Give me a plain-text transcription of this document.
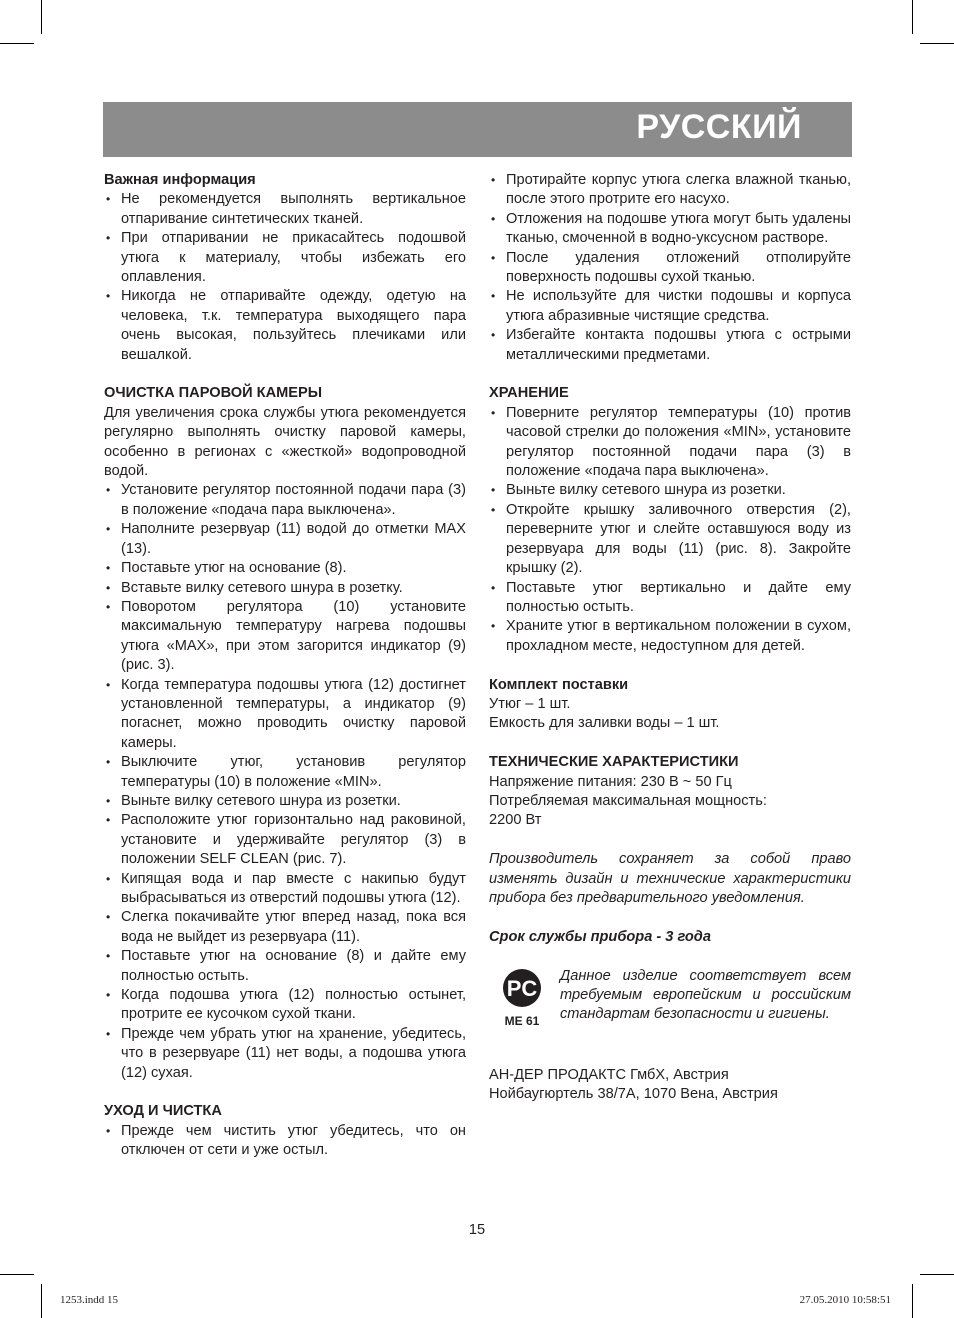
РУССКИЙ

Важная информация

• Не рекомендуется выполнять вертикальное отпаривание синтетических тканей.
• При отпаривании не прикасайтесь подошвой утюга к материалу, чтобы избежать его оплавления.
• Никогда не отпаривайте одежду, одетую на человека, т.к. температура выходящего пара очень высокая, пользуйтесь плечиками или вешалкой.

ОЧИСТКА ПАРОВОЙ КАМЕРЫ

Для увеличения срока службы утюга рекомендуется регулярно выполнять очистку паровой камеры, особенно в регионах с «жесткой» водопроводной водой.

• Установите регулятор постоянной подачи пара (3) в положение «подача пара выключена».
• Наполните резервуар (11) водой до отметки MAX (13).
• Поставьте утюг на основание (8).
• Вставьте вилку сетевого шнура в розетку.
• Поворотом регулятора (10) установите максимальную температуру нагрева подошвы утюга «MAX», при этом загорится индикатор (9) (рис. 3).
• Когда температура подошвы утюга (12) достигнет установленной температуры, а индикатор (9) погаснет, можно проводить очистку паровой камеры.
• Выключите утюг, установив регулятор температуры (10) в положение «MIN».
• Выньте вилку сетевого шнура из розетки.
• Расположите утюг горизонтально над раковиной, установите и удерживайте регулятор (3) в положении SELF CLEAN (рис. 7).
• Кипящая вода и пар вместе с накипью будут выбрасываться из отверстий подошвы утюга (12).
• Слегка покачивайте утюг вперед назад, пока вся вода не выйдет из резервуара (11).
• Поставьте утюг на основание (8) и дайте ему полностью остыть.
• Когда подошва утюга (12) полностью остынет, протрите ее кусочком сухой ткани.
• Прежде чем убрать утюг на хранение, убедитесь, что в резервуаре (11) нет воды, а подошва утюга (12) сухая.

УХОД И ЧИСТКА

• Прежде чем чистить утюг убедитесь, что он отключен от сети и уже остыл.
• Протирайте корпус утюга слегка влажной тканью, после этого протрите его насухо.
• Отложения на подошве утюга могут быть удалены тканью, смоченной в водно-уксусном растворе.
• После удаления отложений отполируйте поверхность подошвы сухой тканью.
• Не используйте для чистки подошвы и корпуса утюга абразивные чистящие средства.
• Избегайте контакта подошвы утюга с острыми металлическими предметами.

ХРАНЕНИЕ

• Поверните регулятор температуры (10) против часовой стрелки до положения «MIN», установите регулятор постоянной подачи пара (3) в положение «подача пара выключена».
• Выньте вилку сетевого шнура из розетки.
• Откройте крышку заливочного отверстия (2), переверните утюг и слейте оставшуюся воду из резервуара для воды (11) (рис. 8). Закройте крышку (2).
• Поставьте утюг вертикально и дайте ему полностью остыть.
• Храните утюг в вертикальном положении в сухом, прохладном месте, недоступном для детей.

Комплект поставки

Утюг – 1 шт.

Емкость для заливки воды – 1 шт.

ТЕХНИЧЕСКИЕ ХАРАКТЕРИСТИКИ

Напряжение питания: 230 В ~ 50 Гц

Потребляемая максимальная мощность:

2200 Вт

Производитель сохраняет за собой право изменять дизайн и технические характеристики прибора без предварительного уведомления.

Срок службы прибора - 3 года

PC
ME 61
Данное изделие соответствует всем требуемым европейским и российским стандартам безопасности и гигиены.

АН-ДЕР ПРОДАКТС ГмбХ, Австрия

Нойбаугюртель 38/7А, 1070 Вена, Австрия

15
1253.indd 15	27.05.2010 10:58:51
